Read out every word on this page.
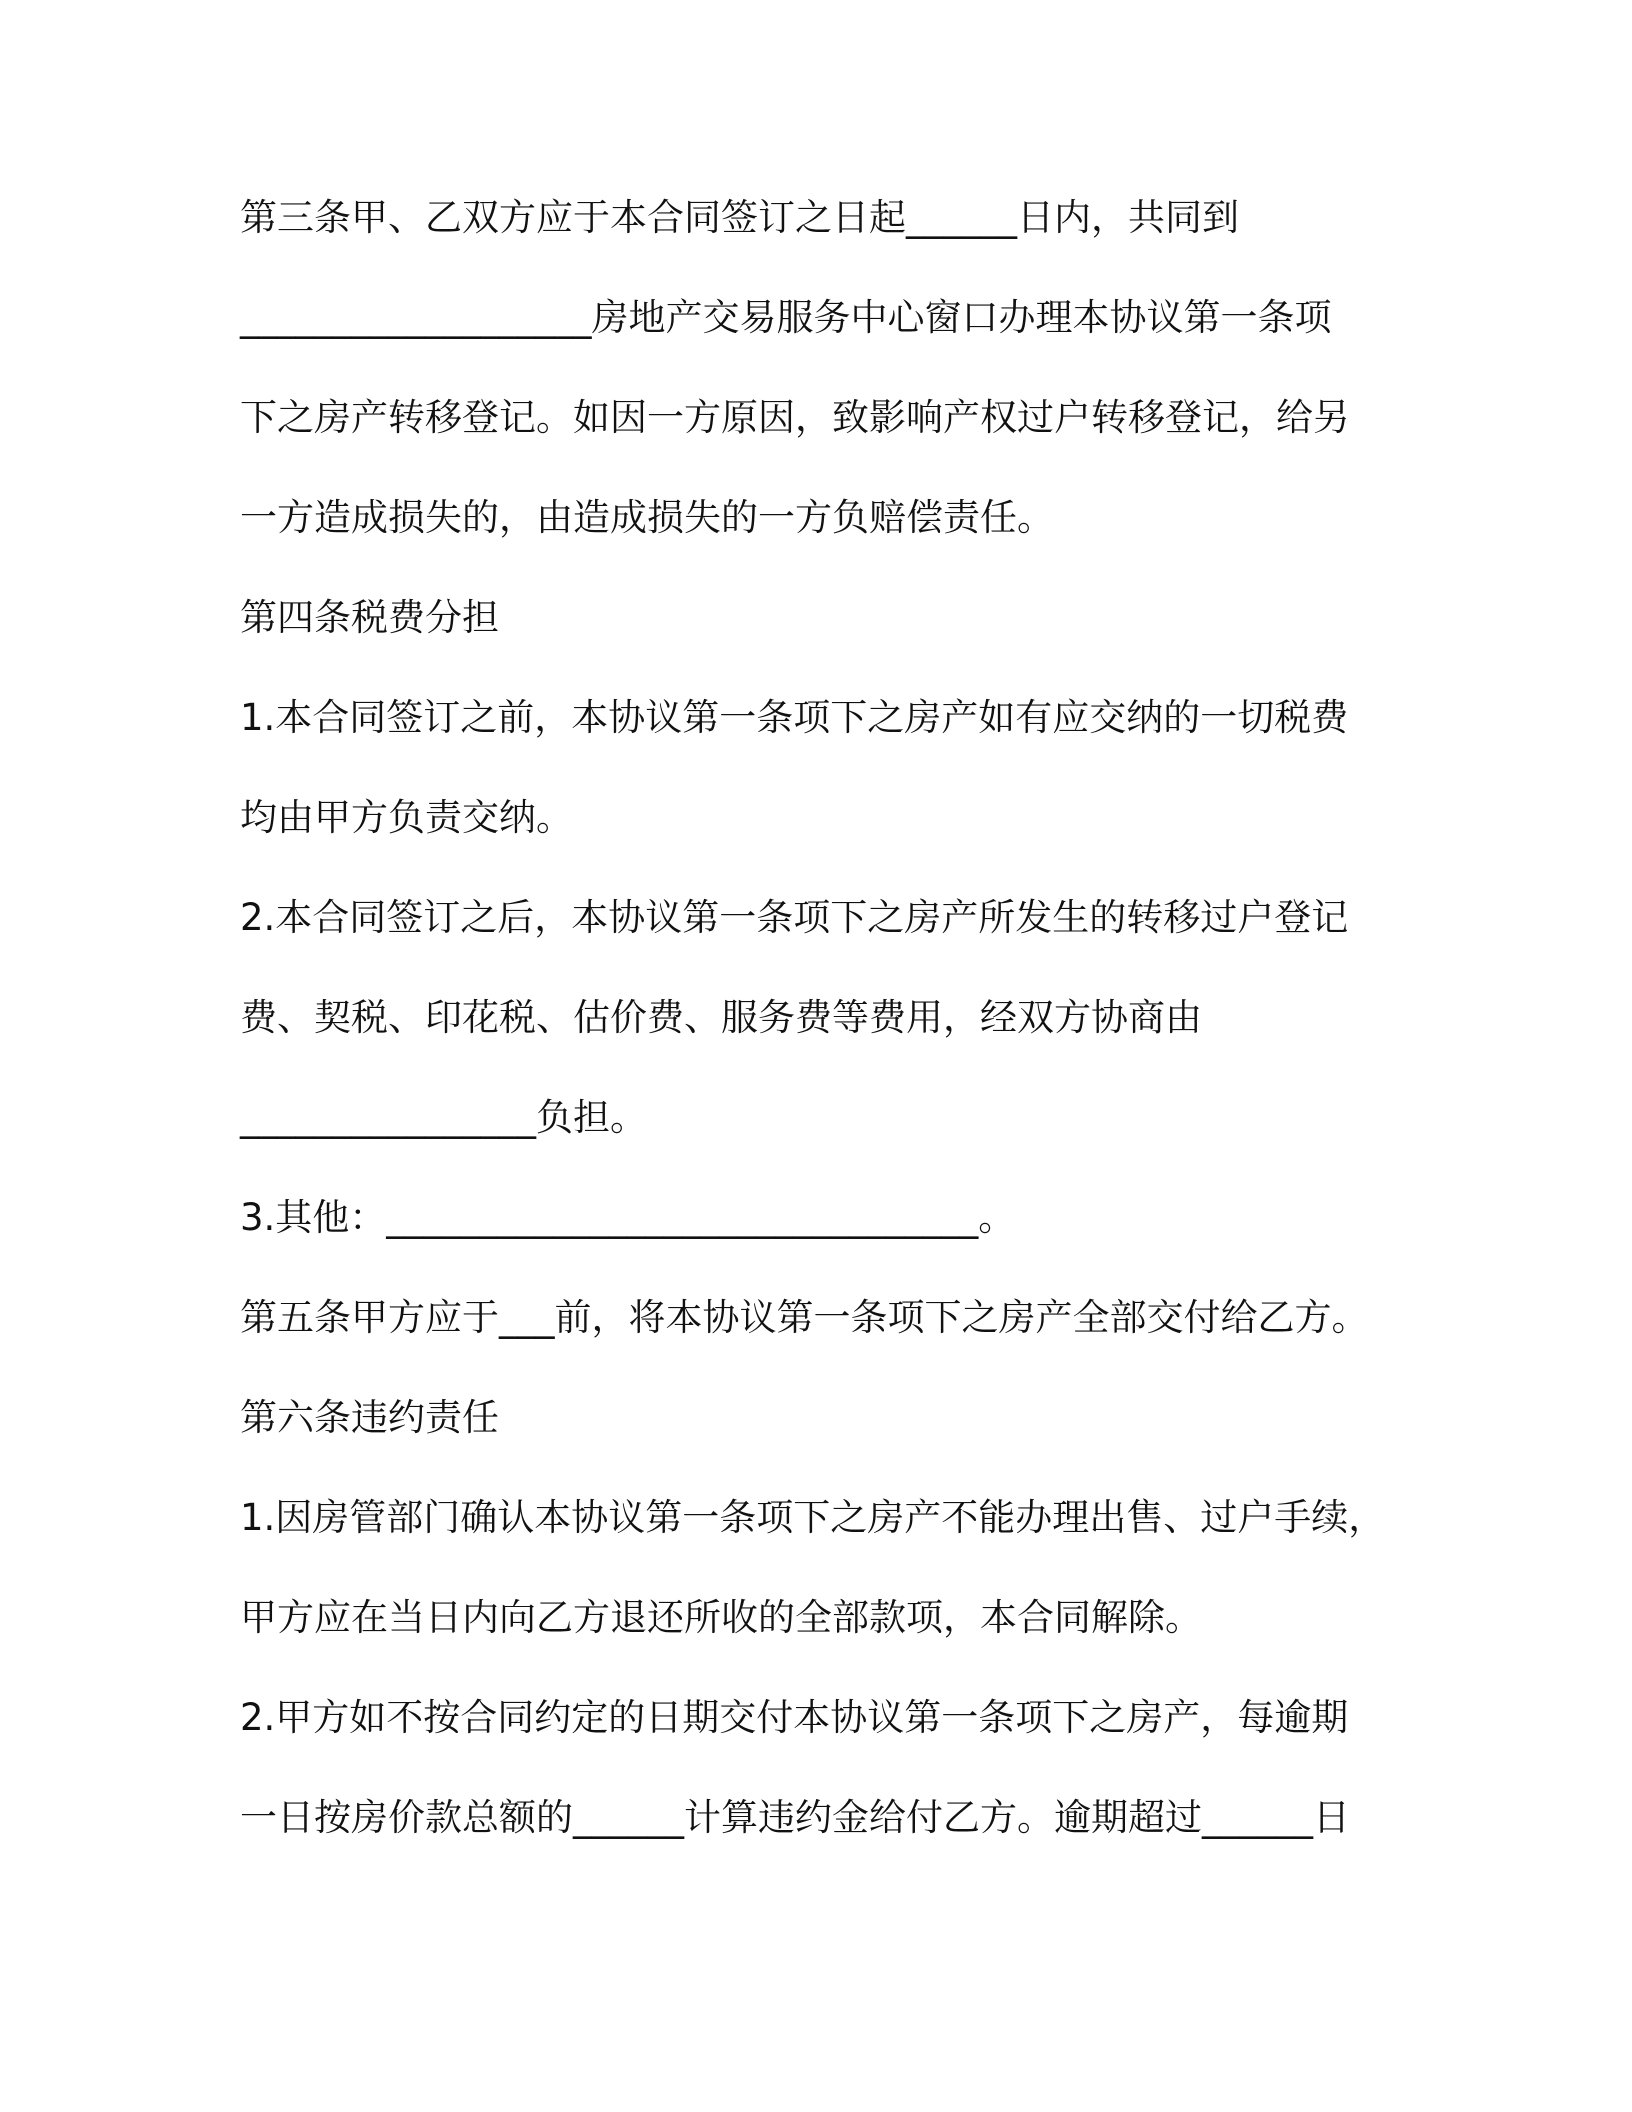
第三条甲、乙双方应于本合同签订之日起______日内，共同到
___________________房地产交易服务中心窗口办理本协议第一条项
下之房产转移登记。如因一方原因，致影响产权过户转移登记，给另
一方造成损失的，由造成损失的一方负赔偿责任。
第四条税费分担
1.本合同签订之前，本协议第一条项下之房产如有应交纳的一切税费
均由甲方负责交纳。
2.本合同签订之后，本协议第一条项下之房产所发生的转移过户登记
费、契税、印花税、估价费、服务费等费用，经双方协商由
________________负担。
3.其他：________________________________。
第五条甲方应于___前，将本协议第一条项下之房产全部交付给乙方。
第六条违约责任
1.因房管部门确认本协议第一条项下之房产不能办理出售、过户手续，
甲方应在当日内向乙方退还所收的全部款项，本合同解除。
2.甲方如不按合同约定的日期交付本协议第一条项下之房产，每逾期
一日按房价款总额的______计算违约金给付乙方。逾期超过______日
